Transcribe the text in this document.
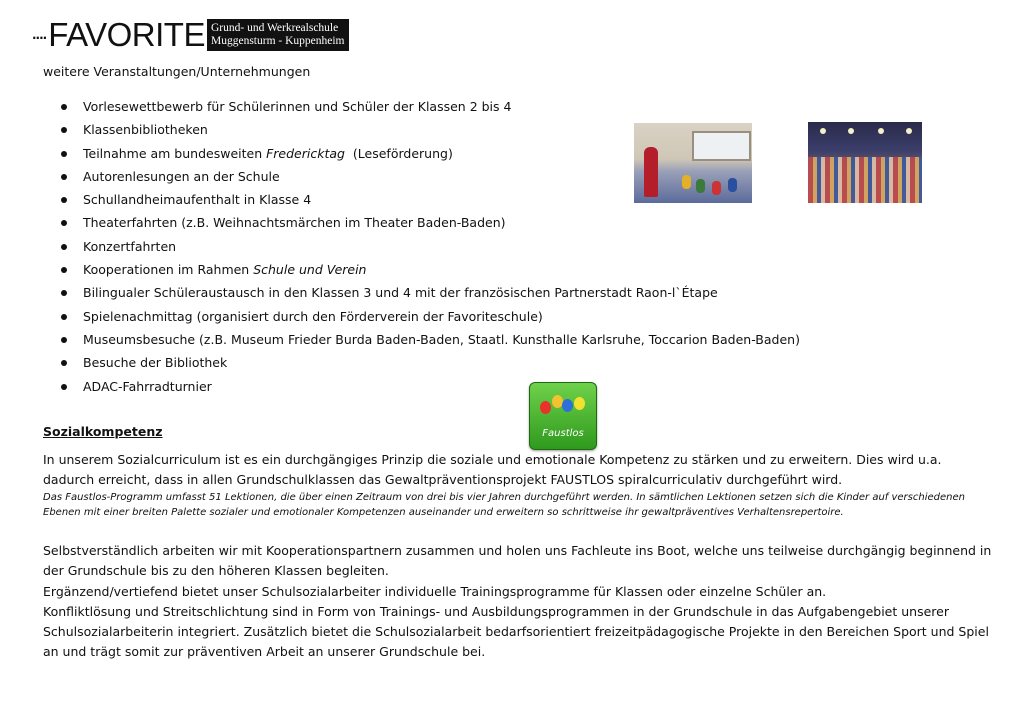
.... FAVORITE Grund- und Werkrealschule
Muggensturm - Kuppenheim
weitere Veranstaltungen/Unternehmungen
Vorlesewettbewerb für Schülerinnen und Schüler der Klassen 2 bis 4
Klassenbibliotheken
Teilnahme am bundesweiten Fredericktag  (Leseförderung)
Autorenlesungen an der Schule
Schullandheimaufenthalt in Klasse 4
Theaterfahrten (z.B. Weihnachtsmärchen im Theater Baden-Baden)
Konzertfahrten
Kooperationen im Rahmen Schule und Verein
Bilingualer Schüleraustausch in den Klassen 3 und 4 mit der französischen Partnerstadt Raon-l`Étape
Spielenachmittag (organisiert durch den Förderverein der Favoriteschule)
Museumsbesuche (z.B. Museum Frieder Burda Baden-Baden, Staatl. Kunsthalle Karlsruhe, Toccarion Baden-Baden)
Besuche der Bibliothek
ADAC-Fahrradturnier
Faustlos
Sozialkompetenz
In unserem Sozialcurriculum ist es ein durchgängiges Prinzip die soziale und emotionale Kompetenz zu stärken und zu erweitern. Dies wird u.a. dadurch erreicht, dass in allen Grundschulklassen das Gewaltpräventionsprojekt FAUSTLOS spiralcurriculativ durchgeführt wird.
Das Faustlos-Programm umfasst 51 Lektionen, die über einen Zeitraum von drei bis vier Jahren durchgeführt werden. In sämtlichen Lektionen setzen sich die Kinder auf verschiedenen Ebenen mit einer breiten Palette sozialer und emotionaler Kompetenzen auseinander und erweitern so schrittweise ihr gewaltpräventives Verhaltensrepertoire.
Selbstverständlich arbeiten wir mit Kooperationspartnern zusammen und holen uns Fachleute ins Boot, welche uns teilweise durchgängig beginnend in der Grundschule bis zu den höheren Klassen begleiten.
Ergänzend/vertiefend bietet unser Schulsozialarbeiter individuelle Trainingsprogramme für Klassen oder einzelne Schüler an.
Konfliktlösung und Streitschlichtung sind in Form von Trainings- und Ausbildungsprogrammen in der Grundschule in das Aufgabengebiet unserer Schulsozialarbeiterin integriert. Zusätzlich bietet die Schulsozialarbeit bedarfsorientiert freizeitpädagogische Projekte in den Bereichen Sport und Spiel an und trägt somit zur präventiven Arbeit an unserer Grundschule bei.
